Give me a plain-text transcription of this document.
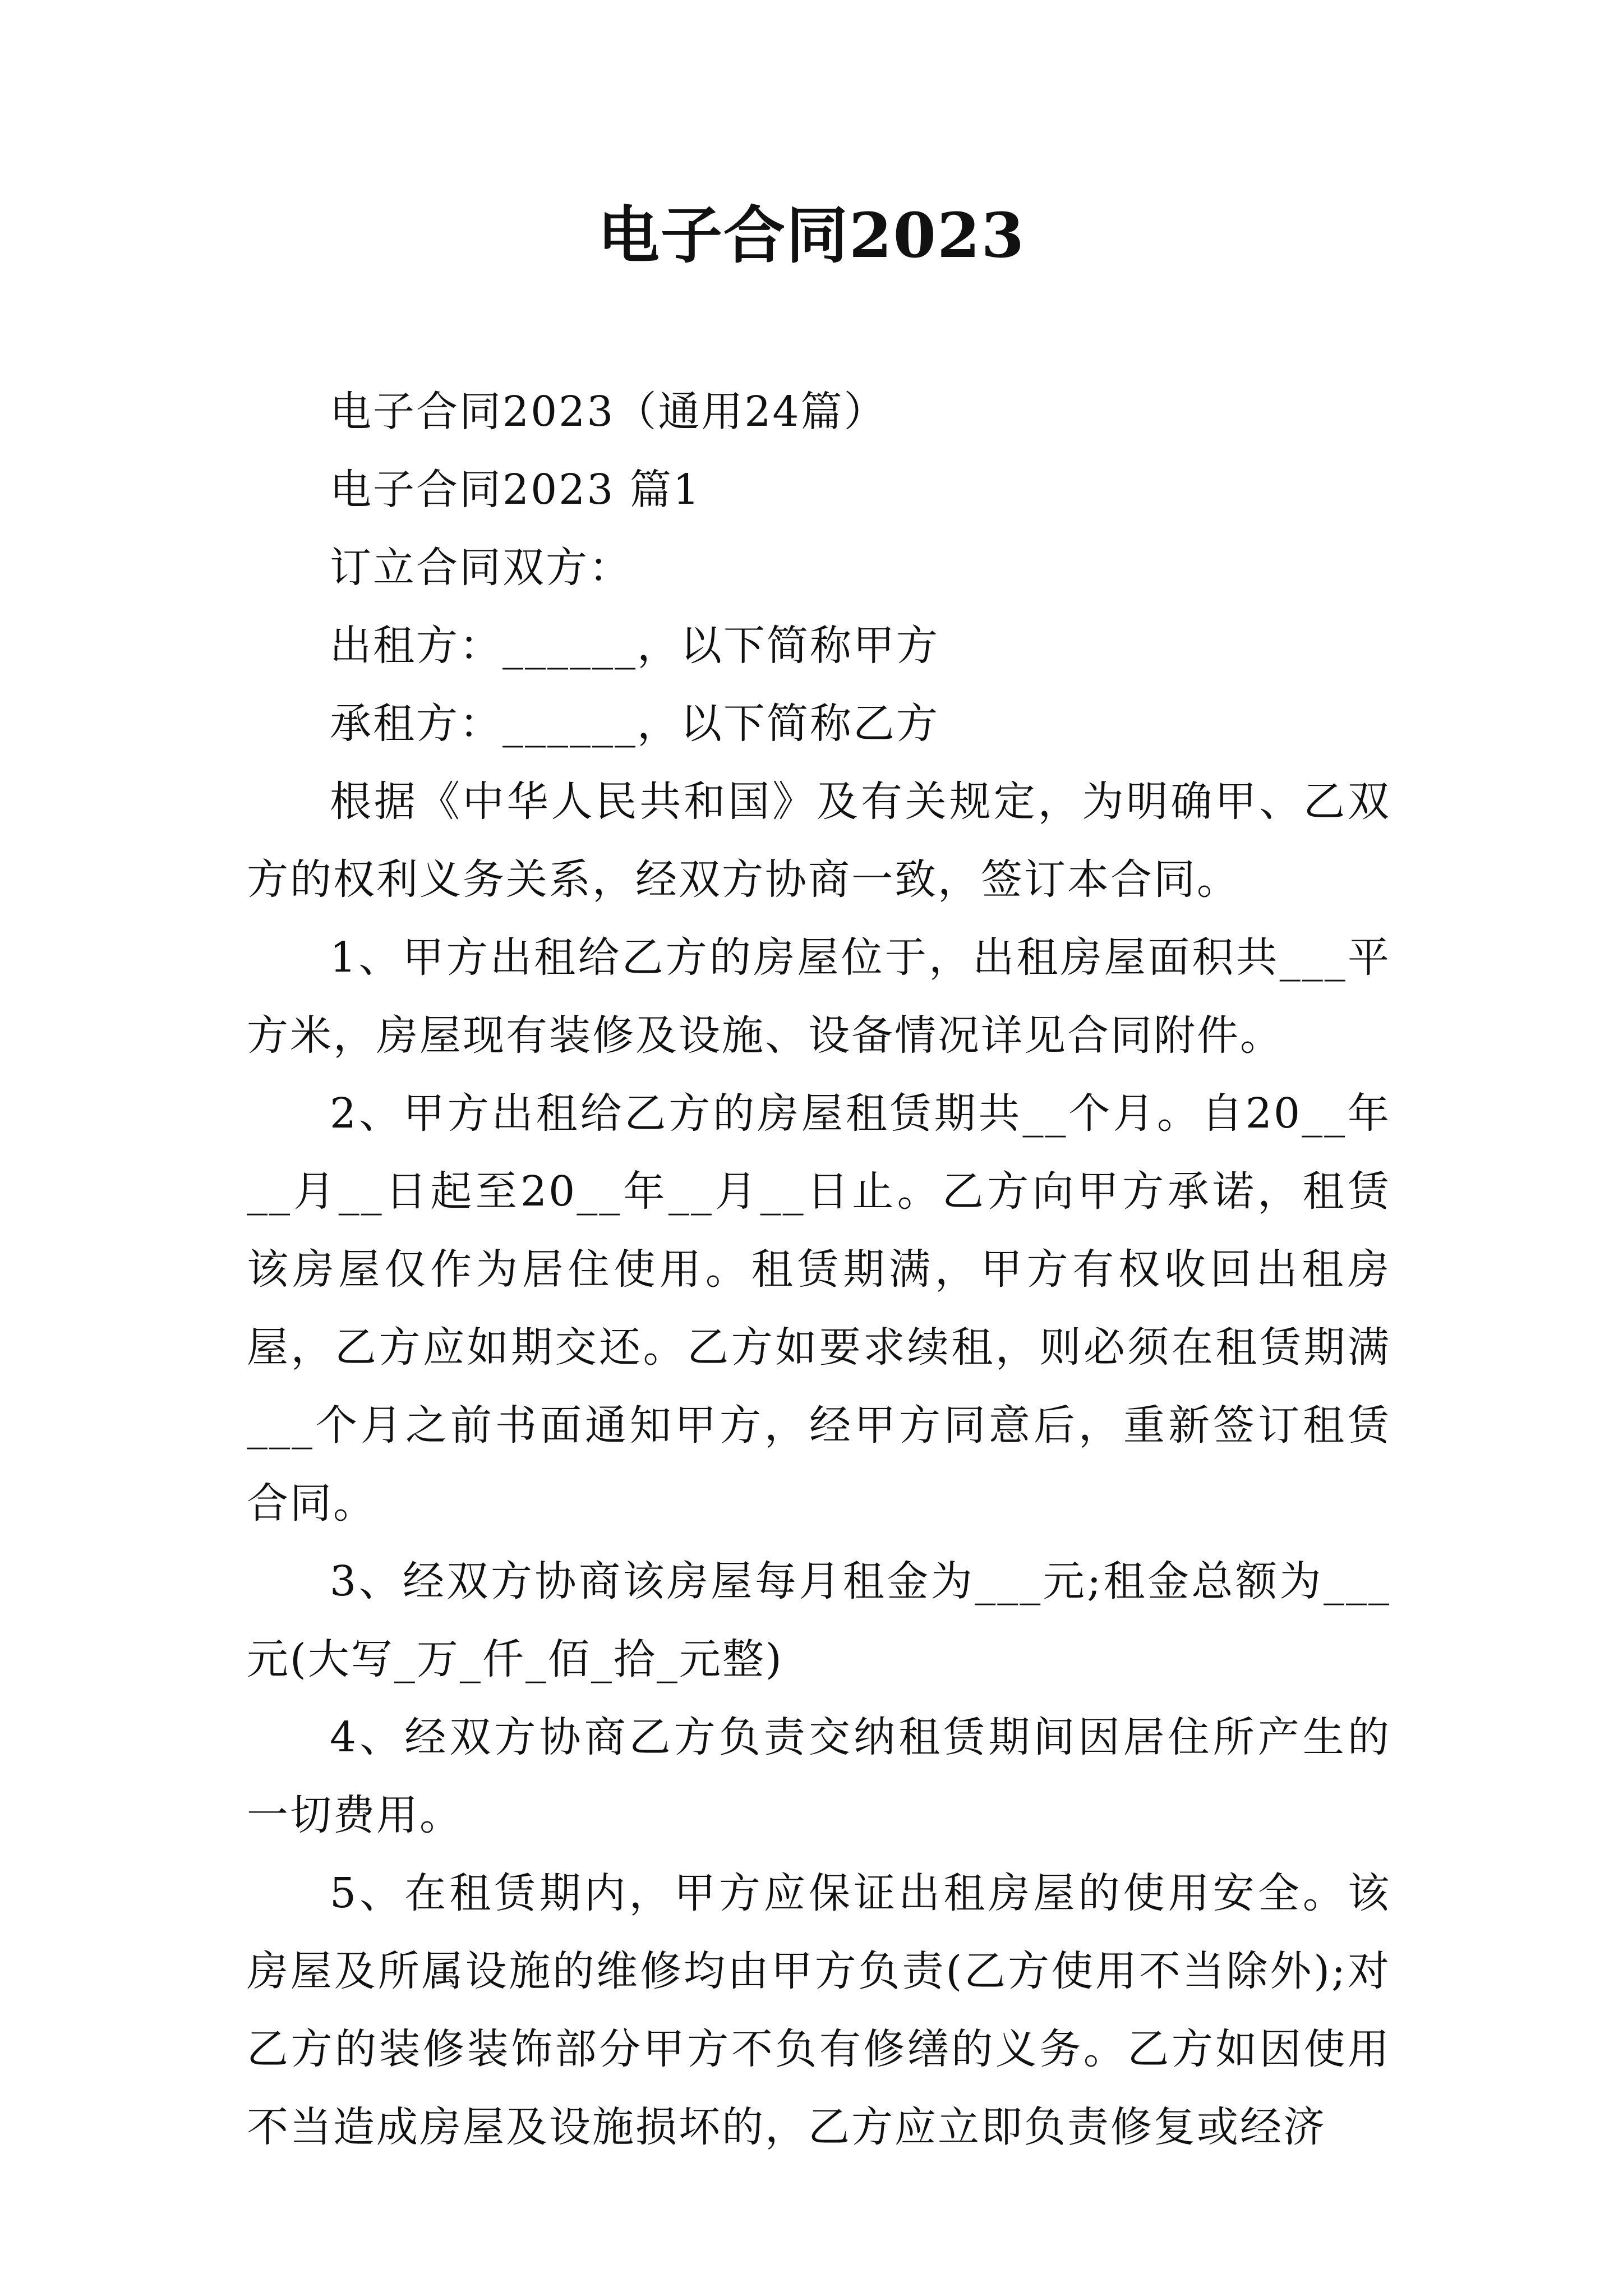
电子合同2023

电子合同2023（通用24篇）

电子合同2023 篇1

订立合同双方：

出租方：______，以下简称甲方

承租方：______，以下简称乙方

根据《中华人民共和国》及有关规定，为明确甲、乙双方的权利义务关系，经双方协商一致，签订本合同。

1、甲方出租给乙方的房屋位于，出租房屋面积共___平方米，房屋现有装修及设施、设备情况详见合同附件。

2、甲方出租给乙方的房屋租赁期共__个月。自20__年__月__日起至20__年__月__日止。乙方向甲方承诺，租赁该房屋仅作为居住使用。租赁期满，甲方有权收回出租房屋，乙方应如期交还。乙方如要求续租，则必须在租赁期满___个月之前书面通知甲方，经甲方同意后，重新签订租赁合同。

3、经双方协商该房屋每月租金为___元;租金总额为___元(大写_万_仟_佰_拾_元整)

4、经双方协商乙方负责交纳租赁期间因居住所产生的一切费用。

5、在租赁期内，甲方应保证出租房屋的使用安全。该房屋及所属设施的维修均由甲方负责(乙方使用不当除外);对乙方的装修装饰部分甲方不负有修缮的义务。乙方如因使用不当造成房屋及设施损坏的，乙方应立即负责修复或经济
